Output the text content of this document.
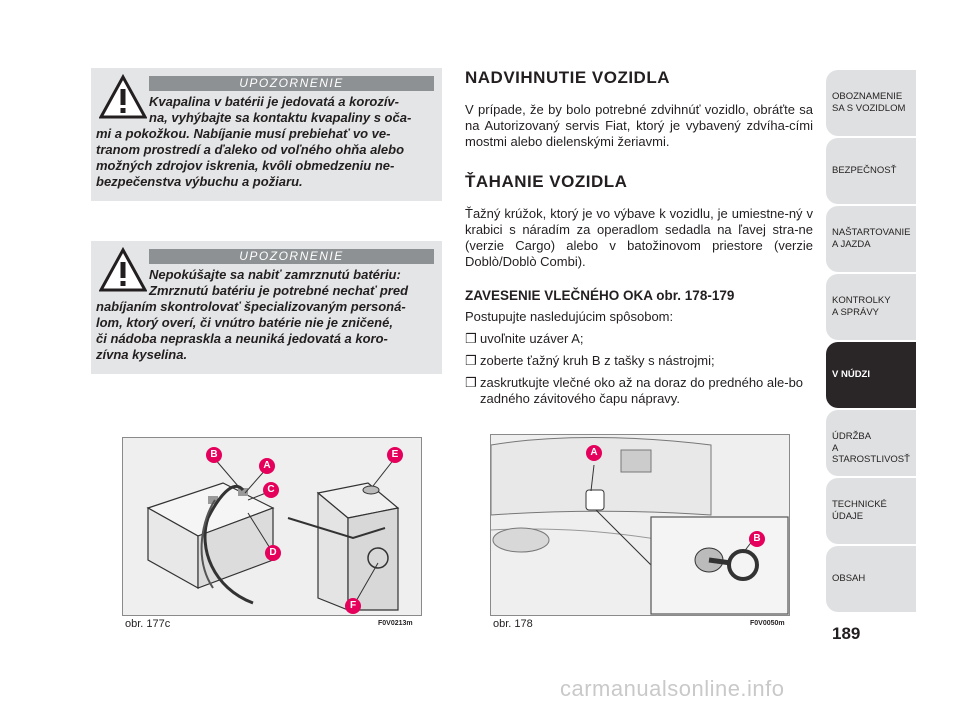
UPOZORNENIE
Kvapalina v batérii je jedovatá a korozív-
na, vyhýbajte sa kontaktu kvapaliny s oča-
mi a pokožkou. Nabíjanie musí prebiehať vo ve-
tranom prostredí a ďaleko od voľného ohňa alebo
možných zdrojov iskrenia, kvôli obmedzeniu ne-
bezpečenstva výbuchu a požiaru.
UPOZORNENIE
Nepokúšajte sa nabiť zamrznutú batériu:
Zmrznutú batériu je potrebné nechať pred
nabíjaním skontrolovať špecializovaným personá-
lom, ktorý overí, či vnútro batérie nie je zničené,
či nádoba nepraskla a neuniká jedovatá a koro-
zívna kyselina.
NADVIHNUTIE VOZIDLA

V prípade, že by bolo potrebné zdvihnúť vozidlo, obráťte sa na Autorizovaný servis Fiat, ktorý je vybavený zdvíha-cími mostmi alebo dielenskými žeriavmi.

ŤAHANIE VOZIDLA

Ťažný krúžok, ktorý je vo výbave k vozidlu, je umiestne-ný v krabici s náradím za operadlom sedadla na ľavej stra-ne (verzie Cargo) alebo v batožinovom priestore (verzie Doblò/Doblò Combi).

ZAVESENIE VLEČNÉHO OKA obr. 178-179

Postupujte nasledujúcim spôsobom:

❒ uvoľnite uzáver A;
❒ zoberte ťažný kruh B z tašky s nástrojmi;
❒ zaskrutkujte vlečné oko až na doraz do predného ale-bo zadného závitového čapu nápravy.
B
A
C
D
E
F
obr. 177c	F0V0213m
A
B
obr. 178	F0V0050m
OBOZNAMENIE
SA S VOZIDLOM
BEZPEČNOSŤ
NAŠTARTOVANIE
A JAZDA
KONTROLKY
A SPRÁVY
V NÚDZI
ÚDRŽBA
A STAROSTLIVOSŤ
TECHNICKÉ
ÚDAJE
OBSAH
189
carmanualsonline.info
